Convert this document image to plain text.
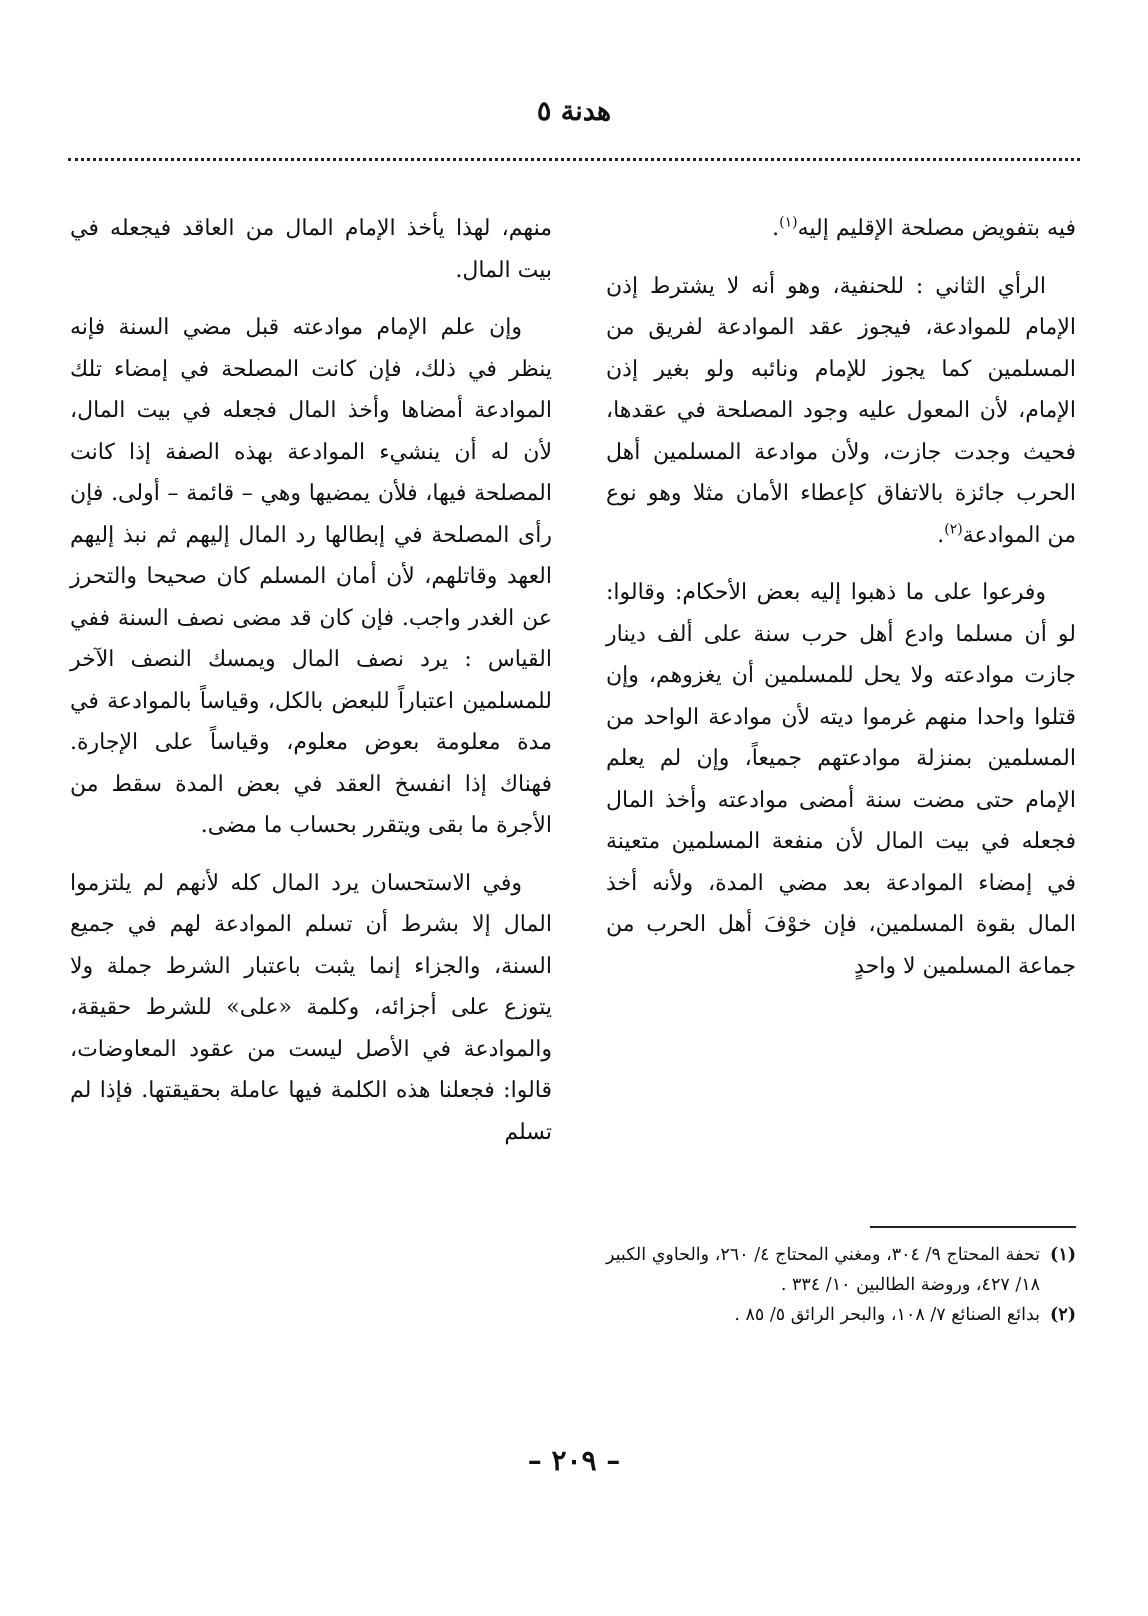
هدنة ٥

فيه بتفويض مصلحة الإقليم إليه$^{(١)}$.

الرأي الثاني : للحنفية، وهو أنه لا يشترط إذن الإمام للموادعة، فيجوز عقد الموادعة لفريق من المسلمين كما يجوز للإمام ونائبه ولو بغير إذن الإمام، لأن المعول عليه وجود المصلحة في عقدها، فحيث وجدت جازت، ولأن موادعة المسلمين أهل الحرب جائزة بالاتفاق كإعطاء الأمان مثلا وهو نوع من الموادعة$^{(٢)}$.

وفرعوا على ما ذهبوا إليه بعض الأحكام: وقالوا: لو أن مسلما وادع أهل حرب سنة على ألف دينار جازت موادعته ولا يحل للمسلمين أن يغزوهم، وإن قتلوا واحدا منهم غرموا ديته لأن موادعة الواحد من المسلمين بمنزلة موادعتهم جميعاً، وإن لم يعلم الإمام حتى مضت سنة أمضى موادعته وأخذ المال فجعله في بيت المال لأن منفعة المسلمين متعينة في إمضاء الموادعة بعد مضي المدة، ولأنه أخذ المال بقوة المسلمين، فإن خوْفَ أهل الحرب من جماعة المسلمين لا واحدٍ

منهم، لهذا يأخذ الإمام المال من العاقد فيجعله في بيت المال.

وإن علم الإمام موادعته قبل مضي السنة فإنه ينظر في ذلك، فإن كانت المصلحة في إمضاء تلك الموادعة أمضاها وأخذ المال فجعله في بيت المال، لأن له أن ينشيء الموادعة بهذه الصفة إذا كانت المصلحة فيها، فلأن يمضيها وهي – قائمة – أولى. فإن رأى المصلحة في إبطالها رد المال إليهم ثم نبذ إليهم العهد وقاتلهم، لأن أمان المسلم كان صحيحا والتحرز عن الغدر واجب. فإن كان قد مضى نصف السنة ففي القياس : يرد نصف المال ويمسك النصف الآخر للمسلمين اعتباراً للبعض بالكل، وقياساً بالموادعة في مدة معلومة بعوض معلوم، وقياساً على الإجارة. فهناك إذا انفسخ العقد في بعض المدة سقط من الأجرة ما بقى ويتقرر بحساب ما مضى.

وفي الاستحسان يرد المال كله لأنهم لم يلتزموا المال إلا بشرط أن تسلم الموادعة لهم في جميع السنة، والجزاء إنما يثبت باعتبار الشرط جملة ولا يتوزع على أجزائه، وكلمة «على» للشرط حقيقة، والموادعة في الأصل ليست من عقود المعاوضات، قالوا: فجعلنا هذه الكلمة فيها عاملة بحقيقتها. فإذا لم تسلم

(١)
تحفة المحتاج ٩/ ٣٠٤، ومغني المحتاج ٤/ ٢٦٠، والحاوي الكبير ١٨/ ٤٢٧، وروضة الطالبين ١٠/ ٣٣٤ .
(٢)
بدائع الصنائع ٧/ ١٠٨، والبحر الرائق ٥/ ٨٥ .
– ٢٠٩ –
